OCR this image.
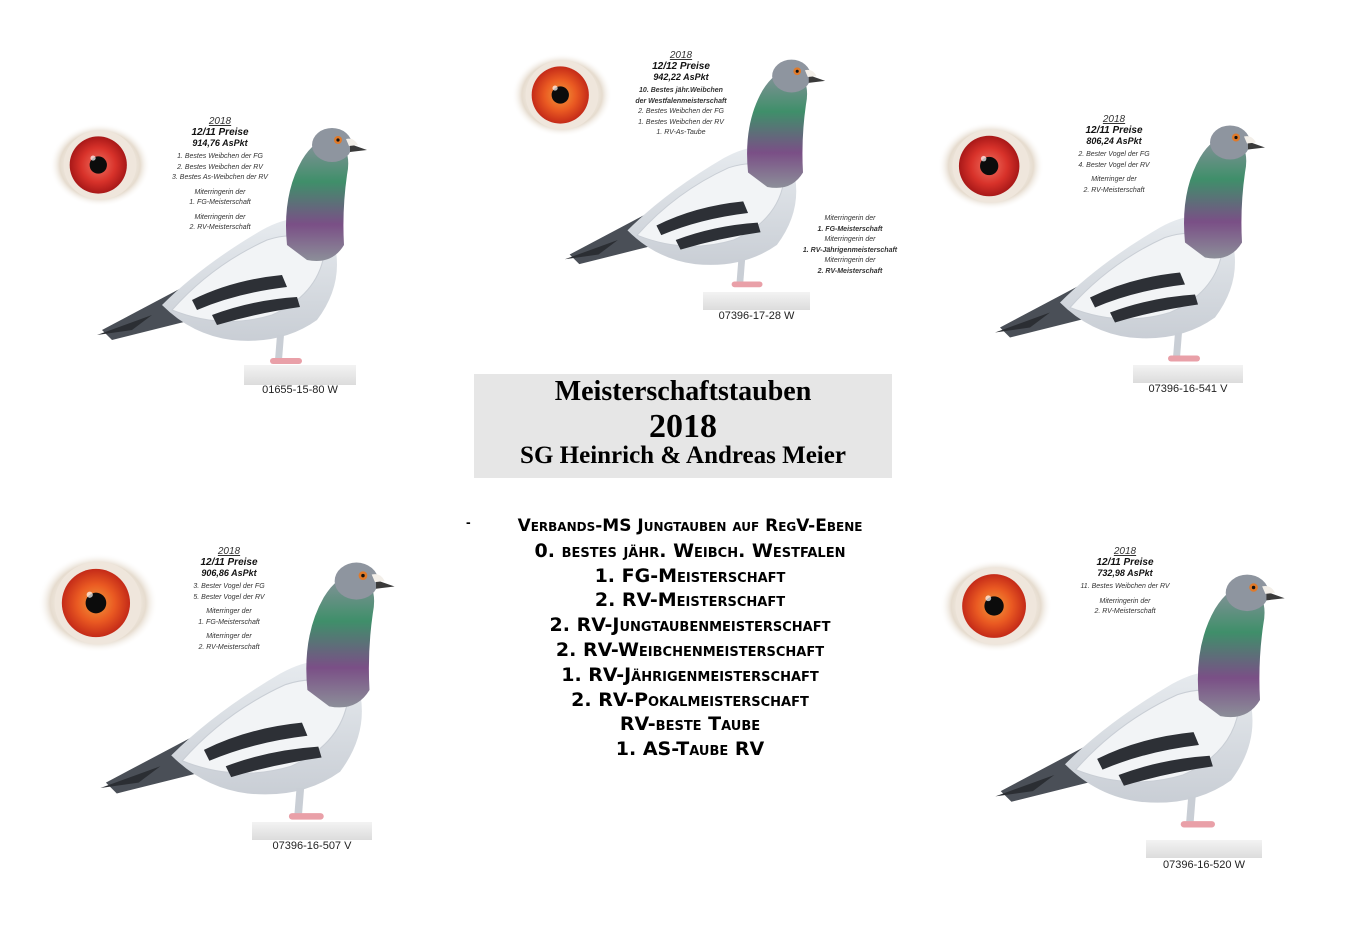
Meisterschaftstauben
2018
SG Heinrich & Andreas Meier
-	Verbands-MS Jungtauben auf RegV-Ebene
0. bestes jähr. Weibch. Westfalen
1. FG-Meisterschaft
2. RV-Meisterschaft
2. RV-Jungtaubenmeisterschaft
2. RV-Weibchenmeisterschaft
1. RV-Jährigenmeisterschaft
2. RV-Pokalmeisterschaft
RV-beste Taube
1. AS-Taube RV
2018
12/11 Preise
914,76 AsPkt
1. Bestes Weibchen der FG
2. Bestes Weibchen der RV
3. Bestes As-Weibchen der RV
Miterringerin der
1. FG-Meisterschaft
Miterringerin der
2. RV-Meisterschaft
01655-15-80 W
2018
12/12 Preise
942,22 AsPkt
10. Bestes jähr.Weibchen
der Westfalenmeisterschaft
2. Bestes Weibchen der FG
1. Bestes Weibchen der RV
1. RV-As-Taube
Miterringerin der
1. FG-Meisterschaft
Miterringerin der
1. RV-Jährigenmeisterschaft
Miterringerin der
2. RV-Meisterschaft
07396-17-28 W
2018
12/11 Preise
806,24 AsPkt
2. Bester Vogel der FG
4. Bester Vogel der RV
Miterringer der
2. RV-Meisterschaft
07396-16-541 V
2018
12/11 Preise
906,86 AsPkt
3. Bester Vogel der FG
5. Bester Vogel der RV
Miterringer der
1. FG-Meisterschaft
Miterringer der
2. RV-Meisterschaft
07396-16-507 V
2018
12/11 Preise
732,98 AsPkt
11. Bestes Weibchen der RV
Miterringerin der
2. RV-Meisterschaft
07396-16-520 W
